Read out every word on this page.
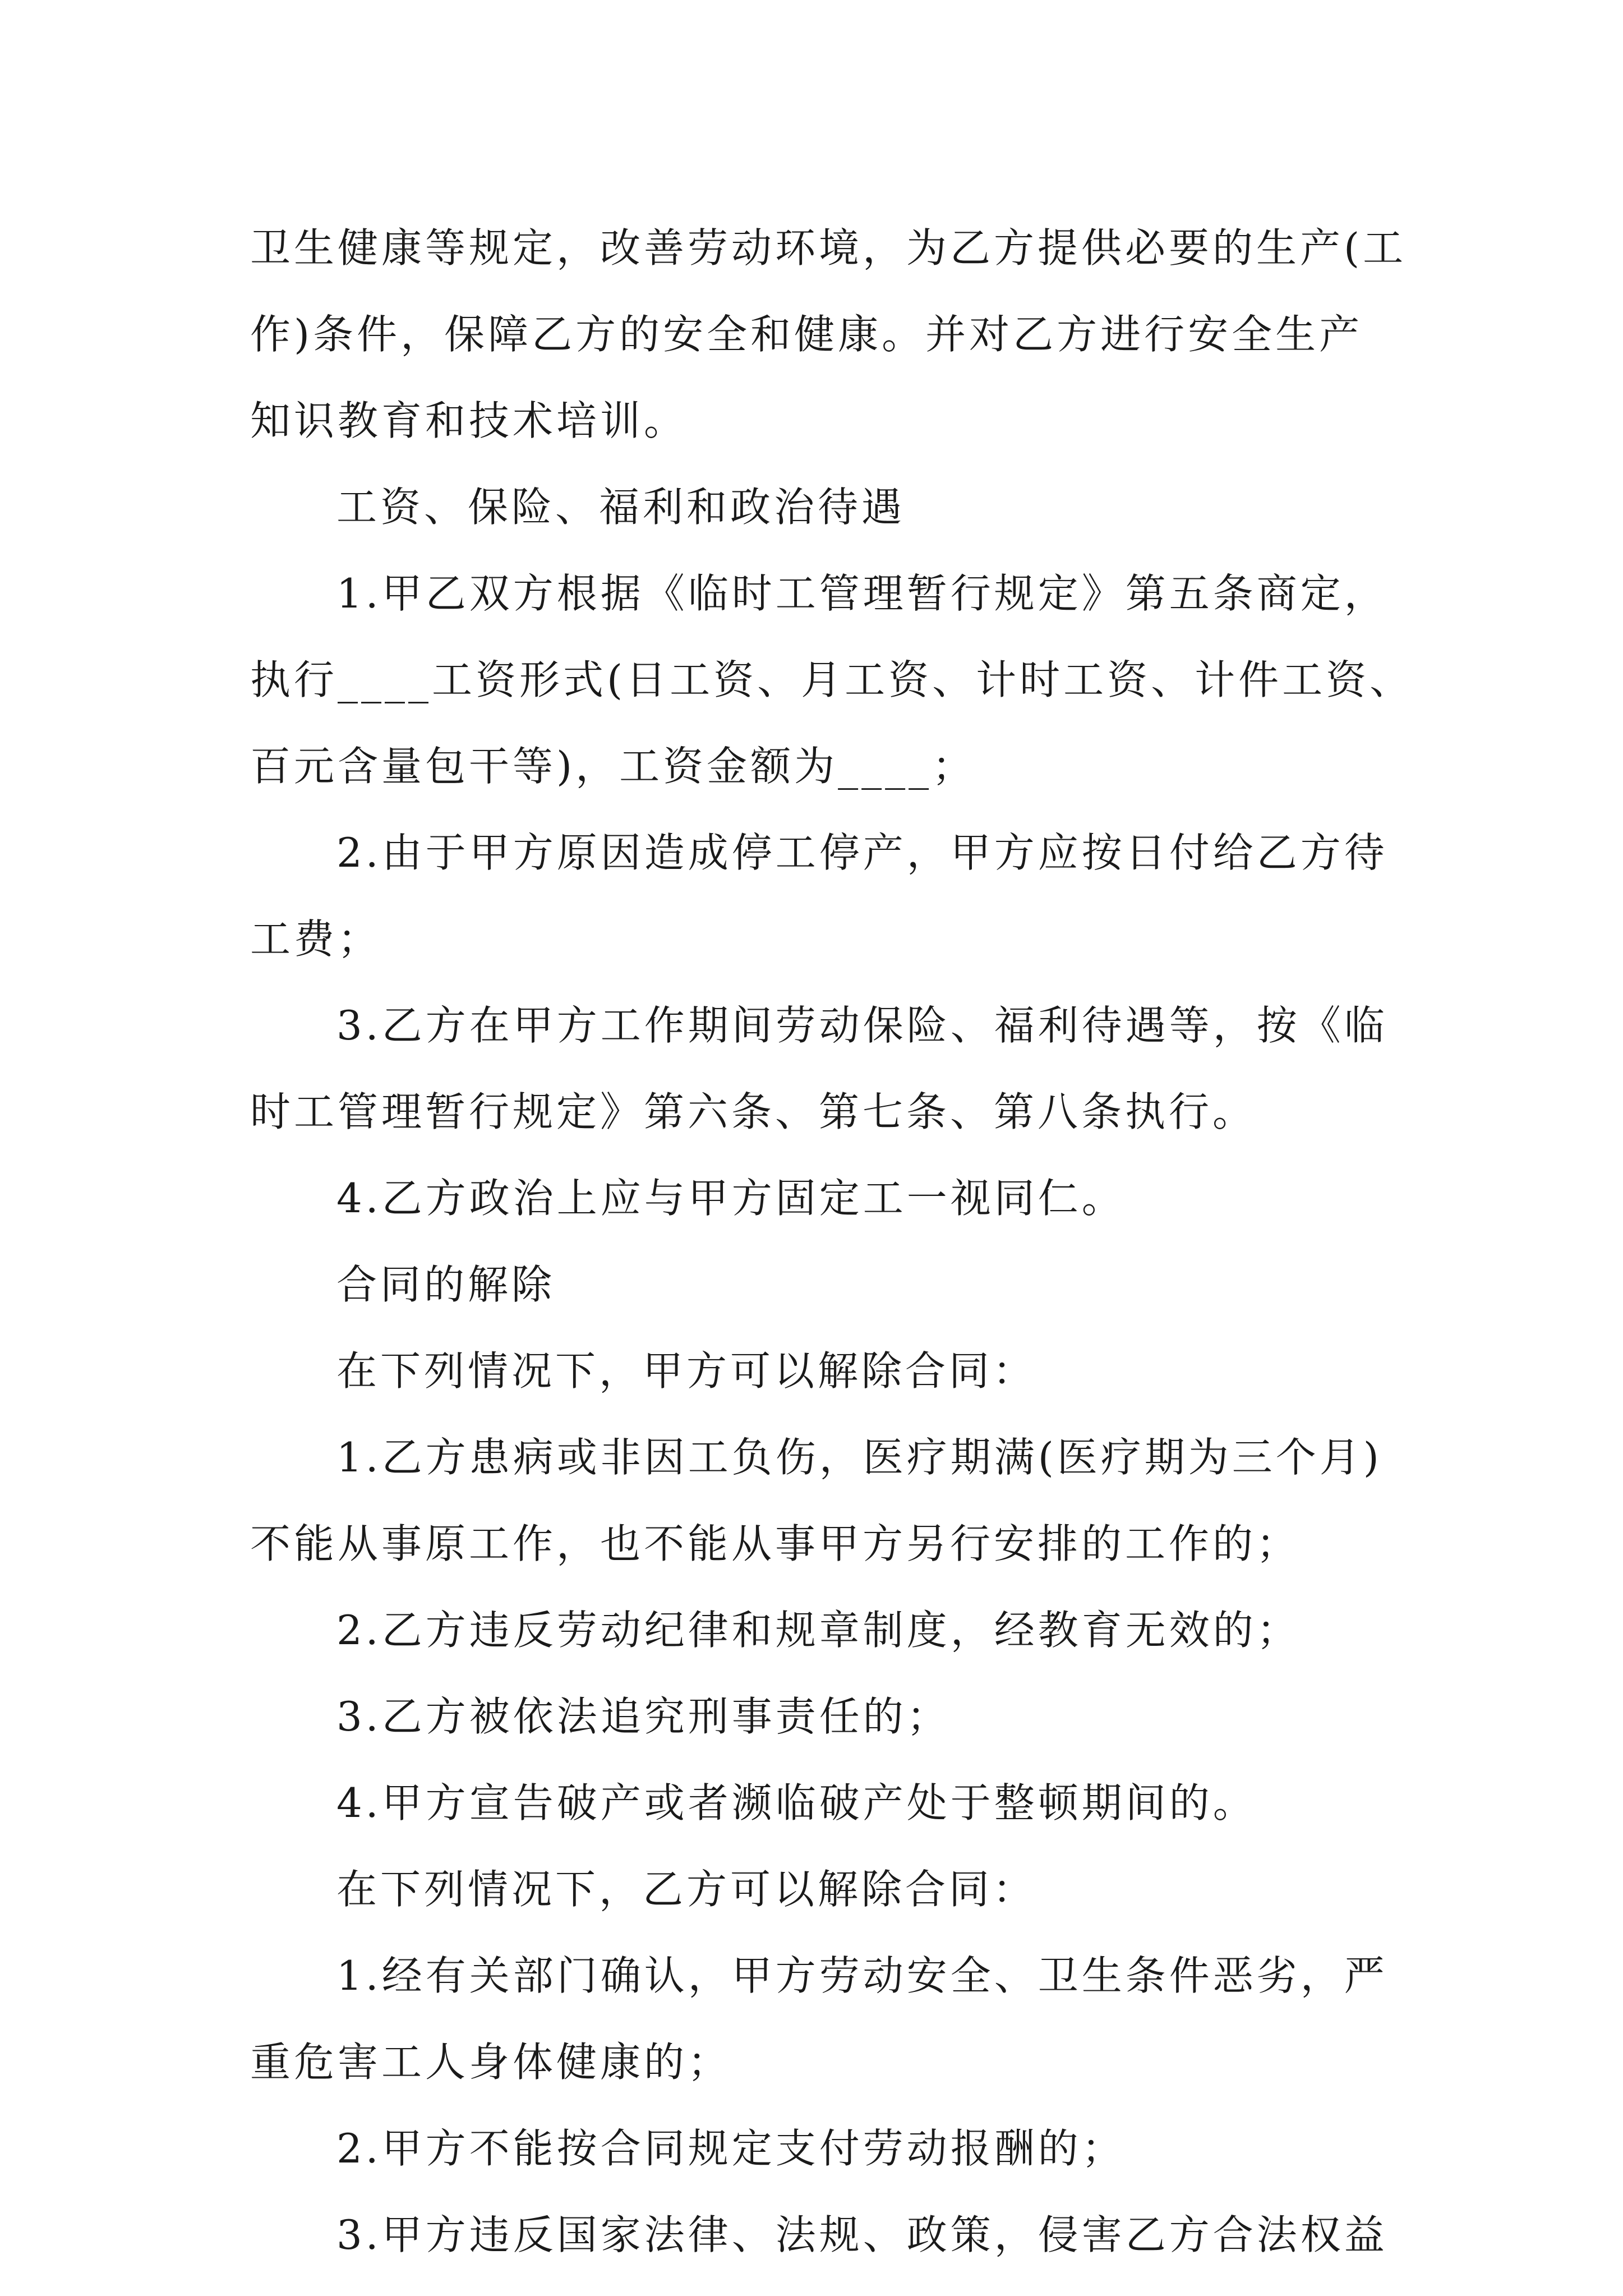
卫生健康等规定，改善劳动环境，为乙方提供必要的生产(工
作)条件，保障乙方的安全和健康。并对乙方进行安全生产
知识教育和技术培训。
工资、保险、福利和政治待遇
1.甲乙双方根据《临时工管理暂行规定》第五条商定，
执行____工资形式(日工资、月工资、计时工资、计件工资、
百元含量包干等)，工资金额为____；
2.由于甲方原因造成停工停产，甲方应按日付给乙方待
工费；
3.乙方在甲方工作期间劳动保险、福利待遇等，按《临
时工管理暂行规定》第六条、第七条、第八条执行。
4.乙方政治上应与甲方固定工一视同仁。
合同的解除
在下列情况下，甲方可以解除合同：
1.乙方患病或非因工负伤，医疗期满(医疗期为三个月)
不能从事原工作，也不能从事甲方另行安排的工作的；
2.乙方违反劳动纪律和规章制度，经教育无效的；
3.乙方被依法追究刑事责任的；
4.甲方宣告破产或者濒临破产处于整顿期间的。
在下列情况下，乙方可以解除合同：
1.经有关部门确认，甲方劳动安全、卫生条件恶劣，严
重危害工人身体健康的；
2.甲方不能按合同规定支付劳动报酬的；
3.甲方违反国家法律、法规、政策，侵害乙方合法权益
